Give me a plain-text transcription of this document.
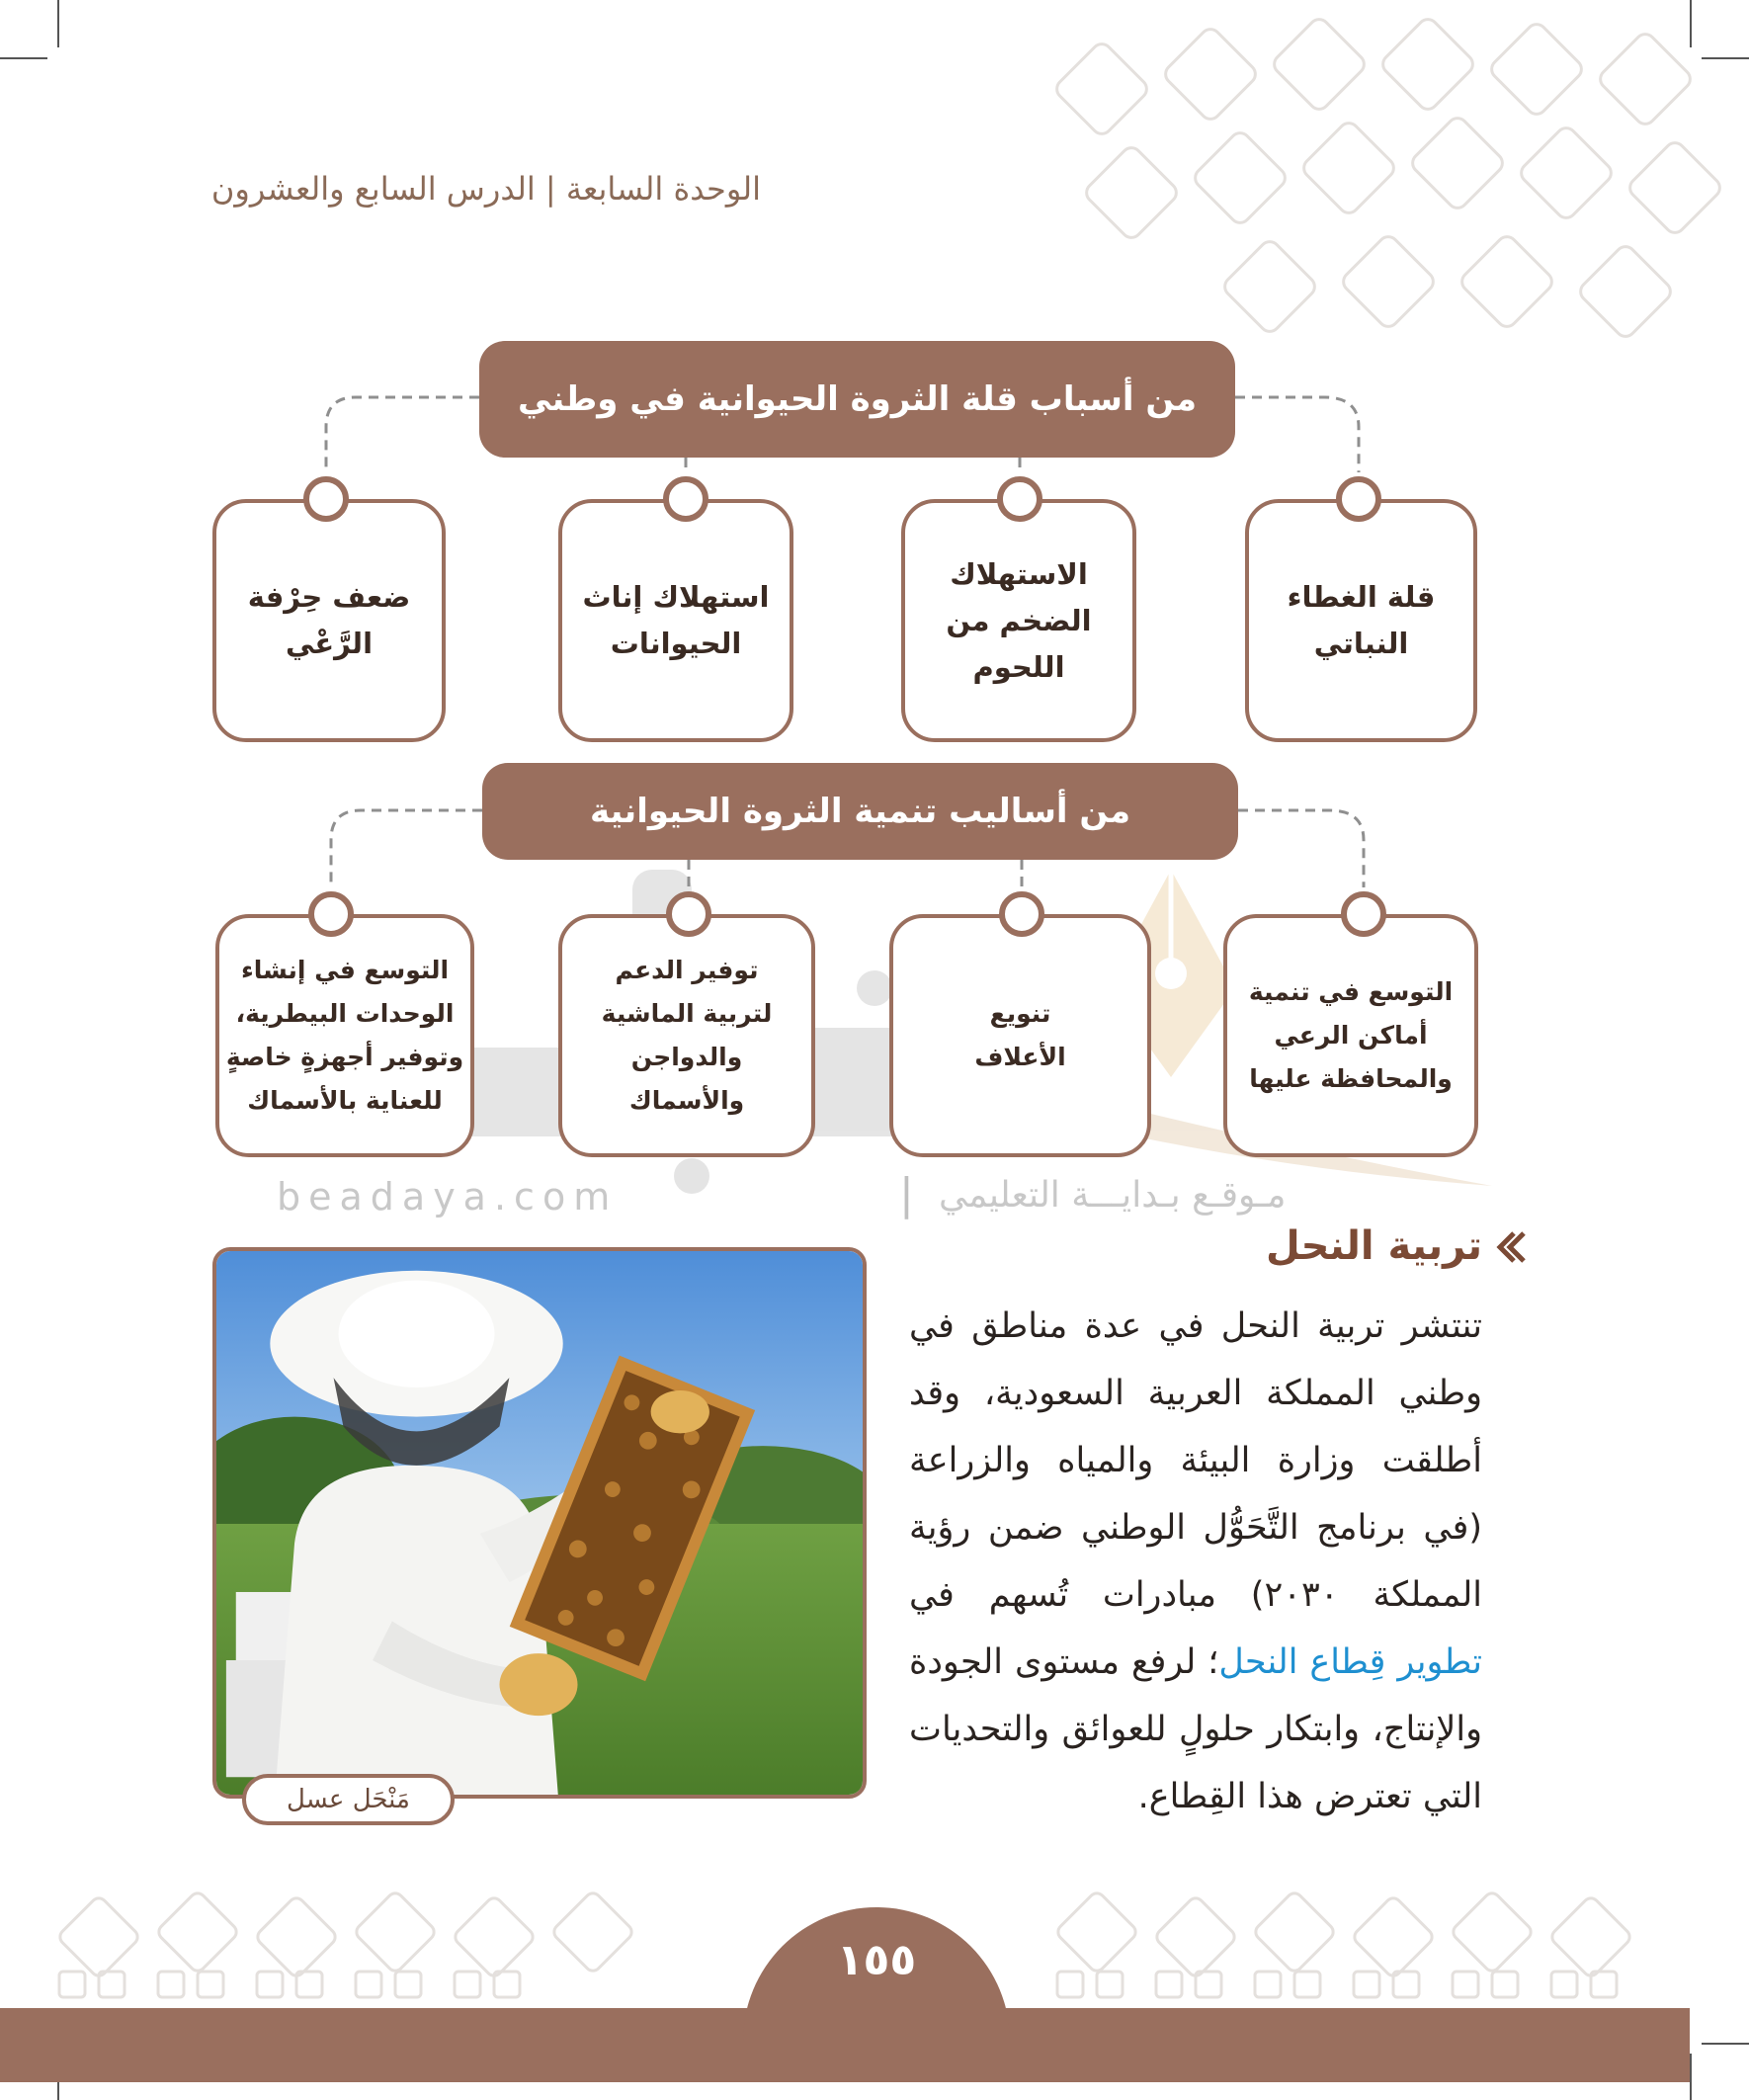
الوحدة السابعة | الدرس السابع والعشرون
من أسباب قلة الثروة الحيوانية في وطني
قلة الغطاء
النباتي
الاستهلاك
الضخم من
اللحوم
استهلاك إناث
الحيوانات
ضعف حِرْفة
الرَّعْي
من أساليب تنمية الثروة الحيوانية
التوسع في تنمية
أماكن الرعي
والمحافظة عليها
تنويع
الأعلاف
توفير الدعم
لتربية الماشية
والدواجن
والأسماك
التوسع في إنشاء
الوحدات البيطرية،
وتوفير أجهزةٍ خاصةٍ
للعناية بالأسماك
beadaya.com	| مـوقـع بـدايـــة التعليمي
تربية النحل

تنتشر تربية النحل في عدة مناطق في وطني المملكة العربية السعودية، وقد أطلقت وزارة البيئة والمياه والزراعة (في برنامج التَّحَوُّل الوطني ضمن رؤية المملكة ٢٠٣٠) مبادرات تُسهم في تطوير قِطاع النحل؛ لرفع مستوى الجودة والإنتاج، وابتكار حلولٍ للعوائق والتحديات التي تعترض هذا القِطاع.

مَنْحَل عسل
١٥٥
